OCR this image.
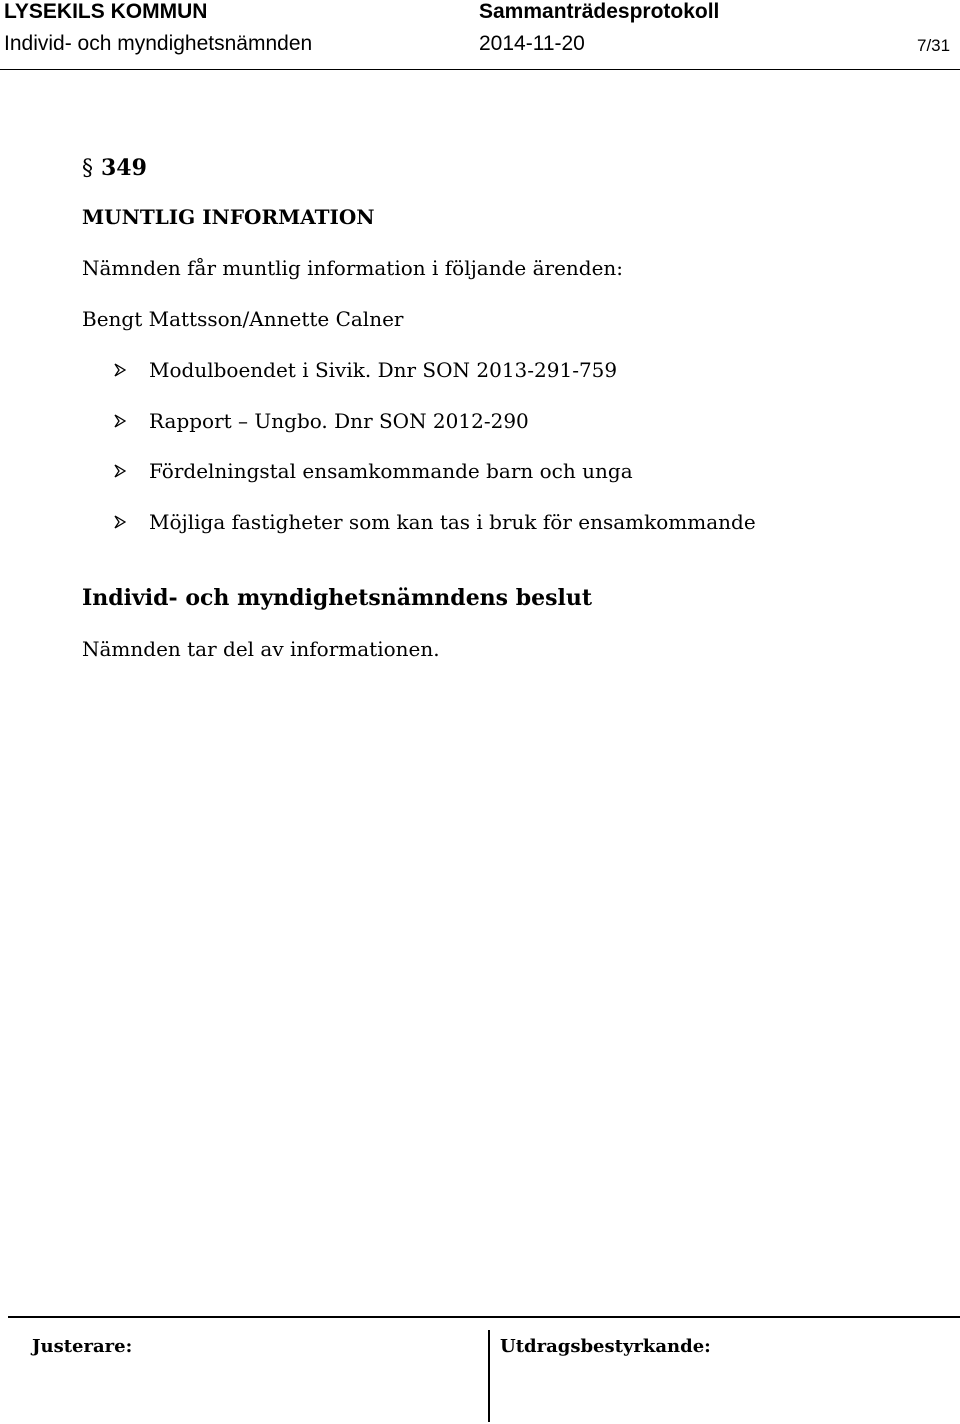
LYSEKILS KOMMUN	Sammanträdesprotokoll
Individ- och myndighetsnämnden	2014-11-20	7/31
§ 349
MUNTLIG INFORMATION
Nämnden får muntlig information i följande ärenden:
Bengt Mattsson/Annette Calner
Modulboendet i Sivik. Dnr SON 2013-291-759
Rapport – Ungbo. Dnr SON 2012-290
Fördelningstal ensamkommande barn och unga
Möjliga fastigheter som kan tas i bruk för ensamkommande
Individ- och myndighetsnämndens beslut
Nämnden tar del av informationen.
Justerare:	Utdragsbestyrkande:
